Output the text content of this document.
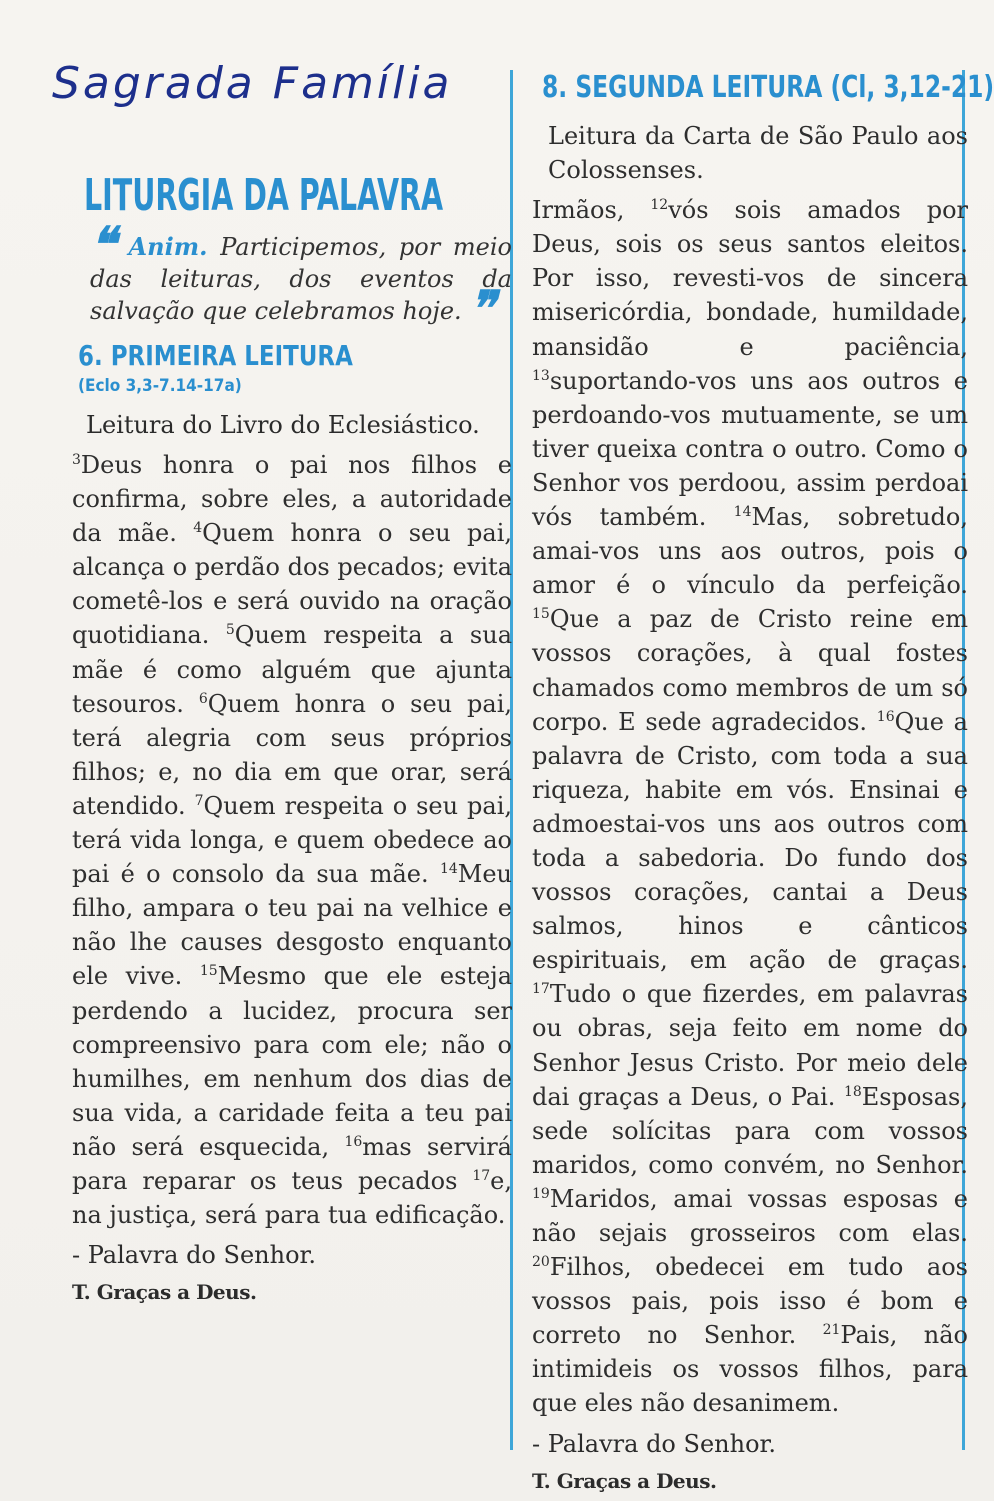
Sagrada Família
LITURGIA DA PALAVRA

❝ Anim. Participemos, por meio das leituras, dos eventos da salvação que celebramos hoje. ❞

6. PRIMEIRA LEITURA
(Eclo 3,3-7.14-17a)

Leitura do Livro do Eclesiástico.

$^3$Deus honra o pai nos filhos e confirma, sobre eles, a autoridade da mãe. $^4$Quem honra o seu pai, alcança o perdão dos pecados; evita cometê-los e será ouvido na oração quotidiana. $^5$Quem respeita a sua mãe é como alguém que ajunta tesouros. $^6$Quem honra o seu pai, terá alegria com seus próprios filhos; e, no dia em que orar, será atendido. $^7$Quem respeita o seu pai, terá vida longa, e quem obedece ao pai é o consolo da sua mãe. $^{14}$Meu filho, ampara o teu pai na velhice e não lhe causes desgosto enquanto ele vive. $^{15}$Mesmo que ele esteja perdendo a lucidez, procura ser compreensivo para com ele; não o humilhes, em nenhum dos dias de sua vida, a caridade feita a teu pai não será esquecida, $^{16}$mas servirá para reparar os teus pecados $^{17}$e, na justiça, será para tua edificação.

- Palavra do Senhor.

T. Graças a Deus.

8. SEGUNDA LEITURA (Cl, 3,12-21)

Leitura da Carta de São Paulo aos Colossenses.

Irmãos, $^{12}$vós sois amados por Deus, sois os seus santos eleitos. Por isso, revesti-vos de sincera misericórdia, bondade, humildade, mansidão e paciência, $^{13}$suportando-vos uns aos outros e perdoando-vos mutuamente, se um tiver queixa contra o outro. Como o Senhor vos perdoou, assim perdoai vós também. $^{14}$Mas, sobretudo, amai-vos uns aos outros, pois o amor é o vínculo da perfeição. $^{15}$Que a paz de Cristo reine em vossos corações, à qual fostes chamados como membros de um só corpo. E sede agradecidos. $^{16}$Que a palavra de Cristo, com toda a sua riqueza, habite em vós. Ensinai e admoestai-vos uns aos outros com toda a sabedoria. Do fundo dos vossos corações, cantai a Deus salmos, hinos e cânticos espirituais, em ação de graças. $^{17}$Tudo o que fizerdes, em palavras ou obras, seja feito em nome do Senhor Jesus Cristo. Por meio dele dai graças a Deus, o Pai. $^{18}$Esposas, sede solícitas para com vossos maridos, como convém, no Senhor. $^{19}$Maridos, amai vossas esposas e não sejais grosseiros com elas. $^{20}$Filhos, obedecei em tudo aos vossos pais, pois isso é bom e correto no Senhor. $^{21}$Pais, não intimideis os vossos filhos, para que eles não desanimem.

- Palavra do Senhor.

T. Graças a Deus.
